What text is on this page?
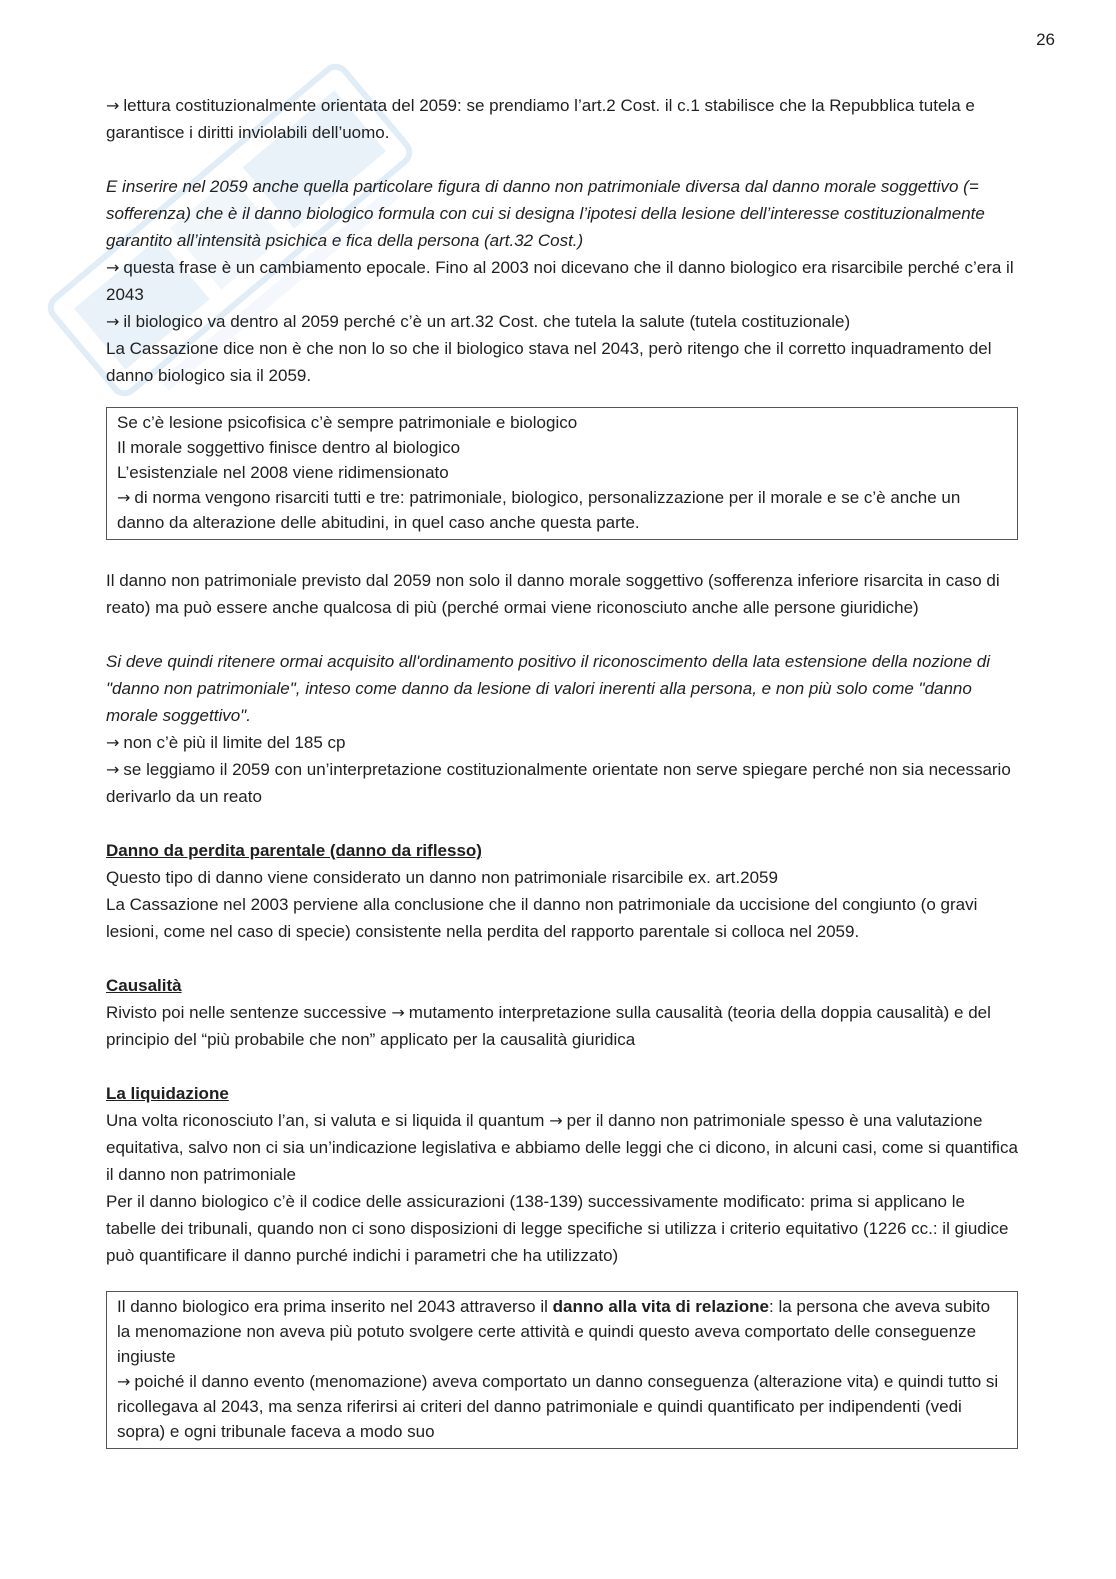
26

→ lettura costituzionalmente orientata del 2059: se prendiamo l’art.2 Cost. il c.1 stabilisce che la Repubblica tutela e garantisce i diritti inviolabili dell’uomo.

E inserire nel 2059 anche quella particolare figura di danno non patrimoniale diversa dal danno morale soggettivo (= sofferenza) che è il danno biologico formula con cui si designa l’ipotesi della lesione dell’interesse costituzionalmente garantito all’intensità psichica e fica della persona (art.32 Cost.)

→ questa frase è un cambiamento epocale. Fino al 2003 noi dicevano che il danno biologico era risarcibile perché c’era il 2043

→ il biologico va dentro al 2059 perché c’è un art.32 Cost. che tutela la salute (tutela costituzionale)

La Cassazione dice non è che non lo so che il biologico stava nel 2043, però ritengo che il corretto inquadramento del danno biologico sia il 2059.

Se c’è lesione psicofisica c’è sempre patrimoniale e biologico
Il morale soggettivo finisce dentro al biologico
L’esistenziale nel 2008 viene ridimensionato
→ di norma vengono risarciti tutti e tre: patrimoniale, biologico, personalizzazione per il morale e se c’è anche un danno da alterazione delle abitudini, in quel caso anche questa parte.

Il danno non patrimoniale previsto dal 2059 non solo il danno morale soggettivo (sofferenza inferiore risarcita in caso di reato) ma può essere anche qualcosa di più (perché ormai viene riconosciuto anche alle persone giuridiche)

Si deve quindi ritenere ormai acquisito all'ordinamento positivo il riconoscimento della lata estensione della nozione di "danno non patrimoniale", inteso come danno da lesione di valori inerenti alla persona, e non più solo come "danno morale soggettivo".

→ non c’è più il limite del 185 cp

→ se leggiamo il 2059 con un’interpretazione costituzionalmente orientate non serve spiegare perché non sia necessario derivarlo da un reato

Danno da perdita parentale (danno da riflesso)

Questo tipo di danno viene considerato un danno non patrimoniale risarcibile ex. art.2059

La Cassazione nel 2003 perviene alla conclusione che il danno non patrimoniale da uccisione del congiunto (o gravi lesioni, come nel caso di specie) consistente nella perdita del rapporto parentale si colloca nel 2059.

Causalità

Rivisto poi nelle sentenze successive → mutamento interpretazione sulla causalità (teoria della doppia causalità) e del principio del “più probabile che non” applicato per la causalità giuridica

La liquidazione

Una volta riconosciuto l’an, si valuta e si liquida il quantum → per il danno non patrimoniale spesso è una valutazione equitativa, salvo non ci sia un’indicazione legislativa e abbiamo delle leggi che ci dicono, in alcuni casi, come si quantifica il danno non patrimoniale

Per il danno biologico c’è il codice delle assicurazioni (138-139) successivamente modificato: prima si applicano le tabelle dei tribunali, quando non ci sono disposizioni di legge specifiche si utilizza i criterio equitativo (1226 cc.: il giudice può quantificare il danno purché indichi i parametri che ha utilizzato)

Il danno biologico era prima inserito nel 2043 attraverso il danno alla vita di relazione: la persona che aveva subito la menomazione non aveva più potuto svolgere certe attività e quindi questo aveva comportato delle conseguenze ingiuste
→ poiché il danno evento (menomazione) aveva comportato un danno conseguenza (alterazione vita) e quindi tutto si ricollegava al 2043, ma senza riferirsi ai criteri del danno patrimoniale e quindi quantificato per indipendenti (vedi sopra) e ogni tribunale faceva a modo suo
